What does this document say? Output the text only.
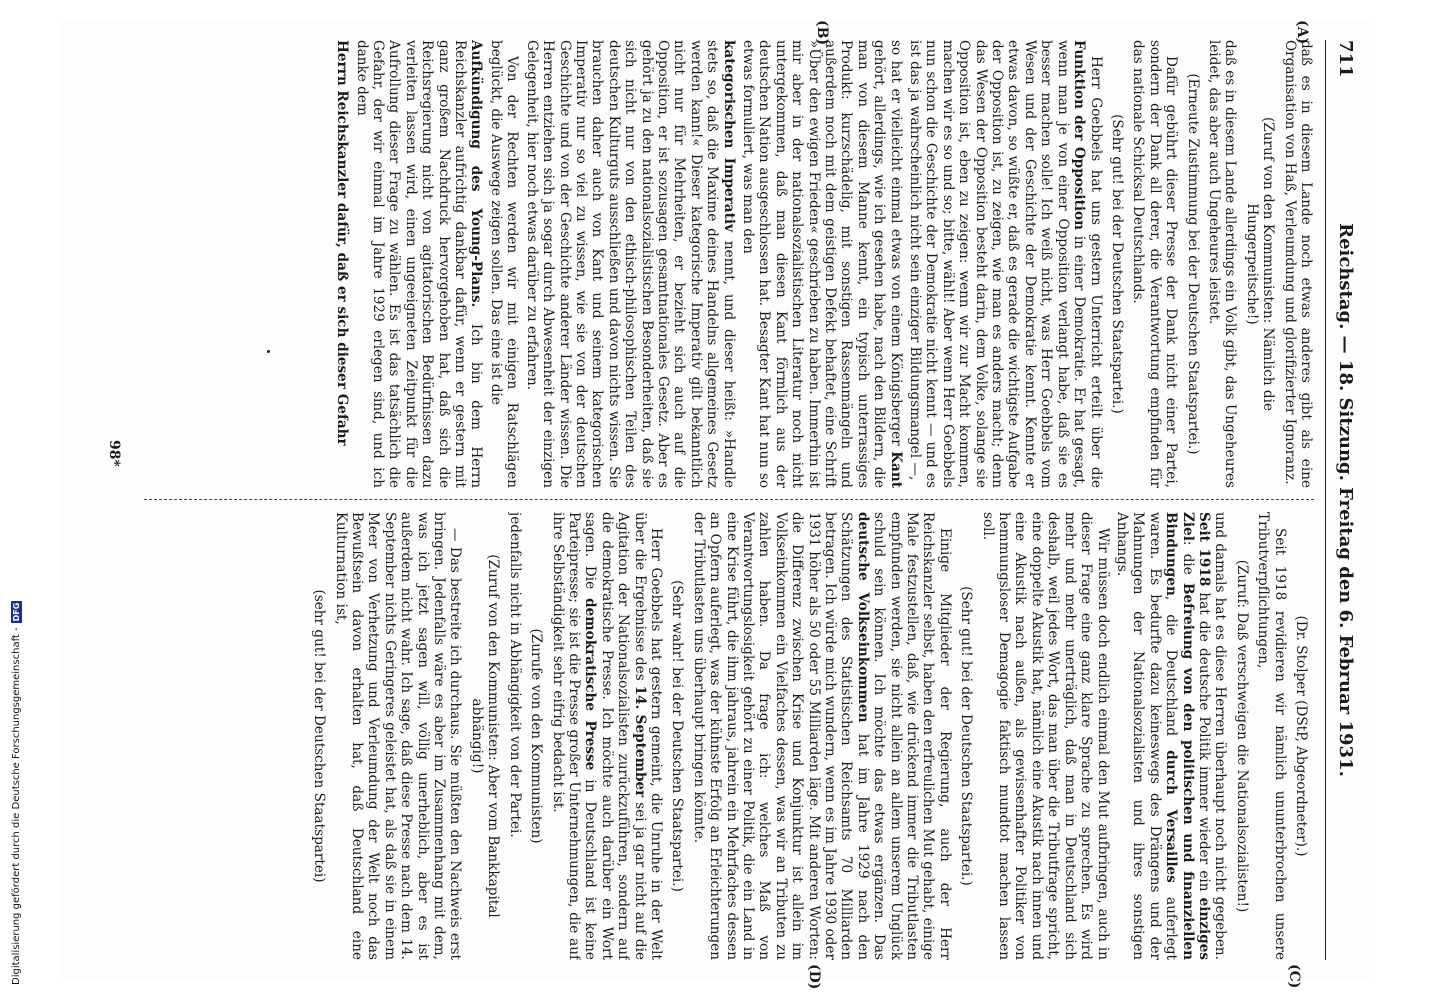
Digitalisierung gefördert durch die Deutsche Forschungsgemeinschaft -
DFG
711
Reichstag. — 18. Sitzung. Freitag den 6. Februar 1931.
(A)
(B)
(C)
(D)

daß es in diesem Lande noch etwas anderes gibt als eine Organisation von Haß, Verleumdung und glorifizierter Ignoranz.

(Zuruf von den Kommunisten: Nämlich die Hungerpeitsche!)

daß es in diesem Lande allerdings ein Volk gibt, das Ungeheures leidet, das aber auch Ungeheures leistet.

(Erneute Zustimmung bei der Deutschen Staatspartei.)

Dafür gebührt dieser Presse der Dank nicht einer Partei, sondern der Dank all derer, die Verantwortung empfinden für das nationale Schicksal Deutschlands.

(Sehr gut! bei der Deutschen Staatspartei.)

Herr Goebbels hat uns gestern Unterricht erteilt über die Funktion der Opposition in einer Demokratie. Er hat gesagt, wenn man je von einer Opposition verlangt habe, daß sie es besser machen solle! Ich weiß nicht, was Herr Goebbels vom Wesen und der Geschichte der Demokratie kennt. Kennte er etwas davon, so wüßte er, daß es gerade die wichtigste Aufgabe der Opposition ist, zu zeigen, wie man es anders macht; denn das Wesen der Opposition besteht darin, dem Volke, solange sie Opposition ist, eben zu zeigen: wenn wir zur Macht kommen, machen wir es so und so; bitte, wählt! Aber wenn Herr Goebbels nun schon die Geschichte der Demokratie nicht kennt — und es ist das ja wahrscheinlich nicht sein einziger Bildungsmangel —,

so hat er vielleicht einmal etwas von einem Königsberger Kant gehört, allerdings, wie ich gesehen habe, nach den Bildern, die man von diesem Manne kennt, ein typisch unterrassiges Produkt: kurzschädelig, mit sonstigen Rassenmängeln und außerdem noch mit dem geistigen Defekt behaftet, eine Schrift »Über den ewigen Frieden« geschrieben zu haben. Immerhin ist mir aber in der nationalsozialistischen Literatur noch nicht untergekommen, daß man diesen Kant förmlich aus der deutschen Nation ausgeschlossen hat. Besagter Kant hat nun so etwas formuliert, was man den

kategorischen Imperativ nennt, und dieser heißt: »Handle stets so, daß die Maxime deines Handelns allgemeines Gesetz werden kann!« Dieser kategorische Imperativ gilt bekanntlich nicht nur für Mehrheiten, er bezieht sich auch auf die Opposition, er ist sozusagen gesamtnationales Gesetz. Aber es gehört ja zu den nationalsozialistischen Besonderheiten, daß sie sich nicht nur von den ethisch-philosophischen Teilen des deutschen Kulturguts ausschließen und davon nichts wissen. Sie brauchen daher auch von Kant und seinem kategorischen Imperativ nur so viel zu wissen, wie sie von der deutschen Geschichte und von der Geschichte anderer Länder wissen. Die Herren entziehen sich ja sogar durch Abwesenheit der einzigen Gelegenheit, hier noch etwas darüber zu erfahren.

Von der Rechten werden wir mit einigen Ratschlägen beglückt, die Auswege zeigen sollen. Das eine ist die

Aufkündigung des Young-Plans. Ich bin dem Herrn Reichskanzler aufrichtig dankbar dafür, wenn er gestern mit ganz großem Nachdruck hervorgehoben hat, daß sich die Reichsregierung nicht von agitatorischen Bedürfnissen dazu verleiten lassen wird, einen ungeeigneten Zeitpunkt für die Aufrollung dieser Frage zu wählen. Es ist das tatsächlich die Gefahr, der wir einmal im Jahre 1929 erlegen sind, und ich danke dem

Herrn Reichskanzler dafür, daß er sich dieser Gefahr

(Dr. Stolper (DStP, Abgeordneter).)

Seit 1918 revidieren wir nämlich ununterbrochen unsere Tributverpflichtungen,

(Zuruf: Daß verschweigen die Nationalsozialisten!)

und damals hat es diese Herren überhaupt noch nicht gegeben. Seit 1918 hat die deutsche Politik immer wieder ein einziges Ziel: die Befreiung von den politischen und finanziellen Bindungen, die Deutschland durch Versailles auferlegt waren. Es bedurfte dazu keineswegs des Drängens und der Mahnungen der Nationalsozialisten und ihres sonstigen Anhangs.

Wir müssen doch endlich einmal den Mut aufbringen, auch in dieser Frage eine ganz klare Sprache zu sprechen. Es wird mehr und mehr unerträglich, daß man in Deutschland sich deshalb, weil jedes Wort, das man über die Tributfrage spricht, eine doppelte Akustik hat, nämlich eine Akustik nach innen und eine Akustik nach außen, als gewissenhafter Politiker von hemmungsloser Demagogie faktisch mundtot machen lassen soll.

(Sehr gut! bei der Deutschen Staatspartei.)

Einige Mitglieder der Regierung, auch der Herr Reichskanzler selbst, haben den erfreulichen Mut gehabt, einige Male festzustellen, daß, wie drückend immer die Tributlasten empfunden werden, sie nicht allein an allem unserem Unglück schuld sein können. Ich möchte das etwas ergänzen. Das deutsche Volkseinkommen hat im Jahre 1929 nach den Schätzungen des Statistischen Reichsamts 70 Milliarden betragen. Ich würde mich wundern, wenn es im Jahre 1930 oder 1931 höher als 50 oder 55 Milliarden läge. Mit anderen Worten: die Differenz zwischen Krise und Konjunktur ist allein im Volkseinkommen ein Vielfaches dessen, was wir an Tributen zu zahlen haben. Da frage ich: welches Maß von Verantwortungslosigkeit gehört zu einer Politik, die ein Land in eine Krise führt, die ihm jahraus, jahrein ein Mehrfaches dessen an Opfern auferlegt, was der kühnste Erfolg an Erleichterungen der Tributlasten uns überhaupt bringen könnte.

(Sehr wahr! bei der Deutschen Staatspartei.)

Herr Goebbels hat gestern gemeint, die Unruhe in der Welt über die Ergebnisse des 14. September sei ja gar nicht auf die Agitation der Nationalsozialisten zurückzuführen, sondern auf die demokratische Presse. Ich möchte auch darüber ein Wort sagen. Die demokratische Presse in Deutschland ist keine Parteipresse; sie ist die Presse großer Unternehmungen, die auf ihre Selbständigkeit sehr eifrig bedacht ist.

(Zurufe von den Kommunisten)

jedenfalls nicht in Abhängigkeit von der Partei.

(Zuruf von den Kommunisten: Aber vom Bankkapital abhängig!)

— Das bestreite ich durchaus. Sie müßten den Nachweis erst bringen. Jedenfalls wäre es aber im Zusammenhang mit dem, was ich jetzt sagen will, völlig unerheblich, aber es ist außerdem nicht wahr. Ich sage, daß diese Presse nach dem 14. September nichts Geringeres geleistet hat, als daß sie in einem Meer von Verhetzung und Verleumdung der Welt noch das Bewußtsein davon erhalten hat, daß Deutschland eine Kulturnation ist,

(sehr gut! bei der Deutschen Staatspartei)

98*
